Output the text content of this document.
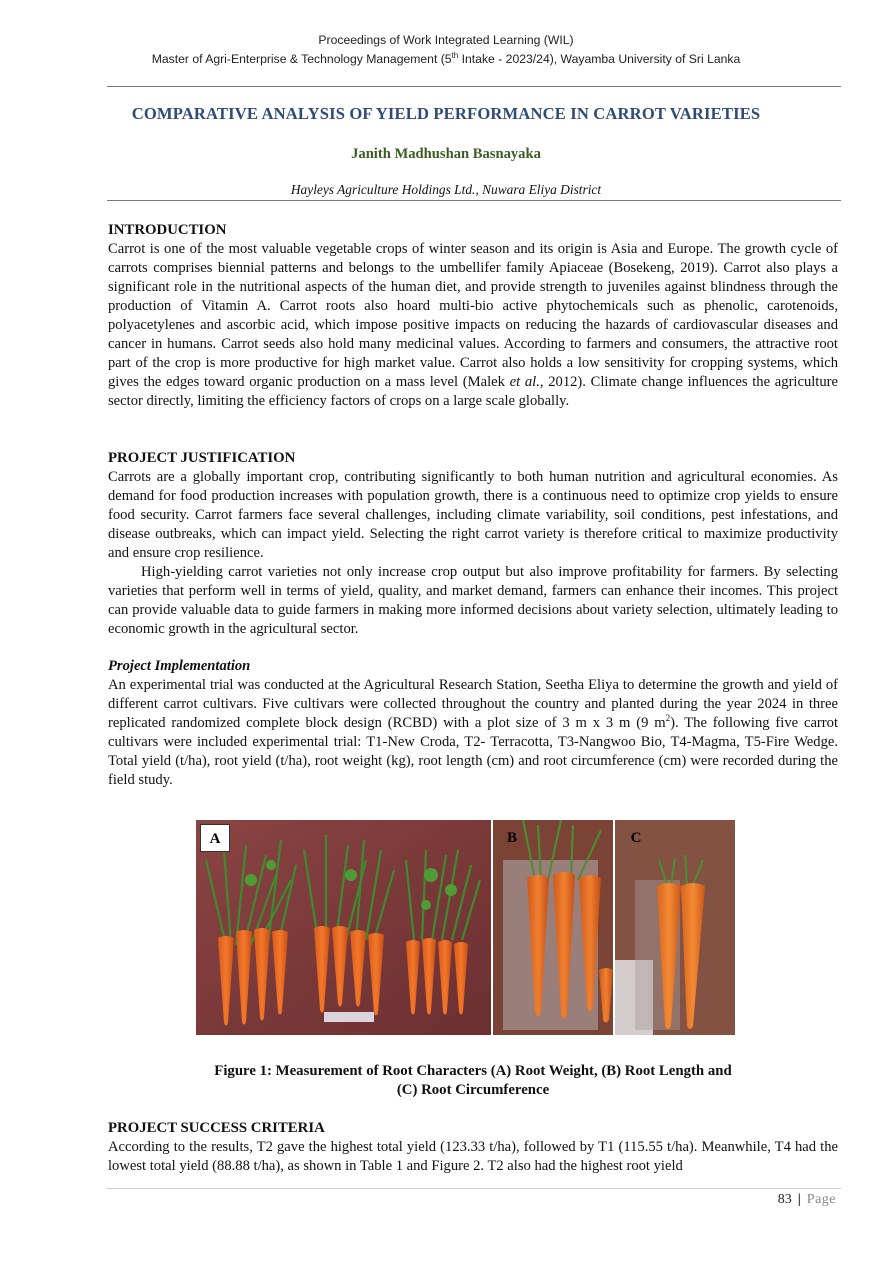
Proceedings of Work Integrated Learning (WIL)
Master of Agri-Enterprise & Technology Management (5th Intake - 2023/24), Wayamba University of Sri Lanka
COMPARATIVE ANALYSIS OF YIELD PERFORMANCE IN CARROT VARIETIES
Janith Madhushan Basnayaka
Hayleys Agriculture Holdings Ltd., Nuwara Eliya District
INTRODUCTION

Carrot is one of the most valuable vegetable crops of winter season and its origin is Asia and Europe. The growth cycle of carrots comprises biennial patterns and belongs to the umbellifer family Apiaceae (Bosekeng, 2019). Carrot also plays a significant role in the nutritional aspects of the human diet, and provide strength to juveniles against blindness through the production of Vitamin A. Carrot roots also hoard multi-bio active phytochemicals such as phenolic, carotenoids, polyacetylenes and ascorbic acid, which impose positive impacts on reducing the hazards of cardiovascular diseases and cancer in humans. Carrot seeds also hold many medicinal values. According to farmers and consumers, the attractive root part of the crop is more productive for high market value. Carrot also holds a low sensitivity for cropping systems, which gives the edges toward organic production on a mass level (Malek et al., 2012). Climate change influences the agriculture sector directly, limiting the efficiency factors of crops on a large scale globally.

PROJECT JUSTIFICATION

Carrots are a globally important crop, contributing significantly to both human nutrition and agricultural economies. As demand for food production increases with population growth, there is a continuous need to optimize crop yields to ensure food security. Carrot farmers face several challenges, including climate variability, soil conditions, pest infestations, and disease outbreaks, which can impact yield. Selecting the right carrot variety is therefore critical to maximize productivity and ensure crop resilience.

High-yielding carrot varieties not only increase crop output but also improve profitability for farmers. By selecting varieties that perform well in terms of yield, quality, and market demand, farmers can enhance their incomes. This project can provide valuable data to guide farmers in making more informed decisions about variety selection, ultimately leading to economic growth in the agricultural sector.

Project Implementation

An experimental trial was conducted at the Agricultural Research Station, Seetha Eliya to determine the growth and yield of different carrot cultivars. Five cultivars were collected throughout the country and planted during the year 2024 in three replicated randomized complete block design (RCBD) with a plot size of 3 m x 3 m (9 $m^2$). The following five carrot cultivars were included experimental trial: T1-New Croda, T2- Terracotta, T3-Nangwoo Bio, T4-Magma, T5-Fire Wedge. Total yield (t/ha), root yield (t/ha), root weight (kg), root length (cm) and root circumference (cm) were recorded during the field study.

A	B	C
Figure 1: Measurement of Root Characters (A) Root Weight, (B) Root Length and
(C) Root Circumference
PROJECT SUCCESS CRITERIA

According to the results, T2 gave the highest total yield (123.33 t/ha), followed by T1 (115.55 t/ha). Meanwhile, T4 had the lowest total yield (88.88 t/ha), as shown in Table 1 and Figure 2. T2 also had the highest root yield

83 | Page
